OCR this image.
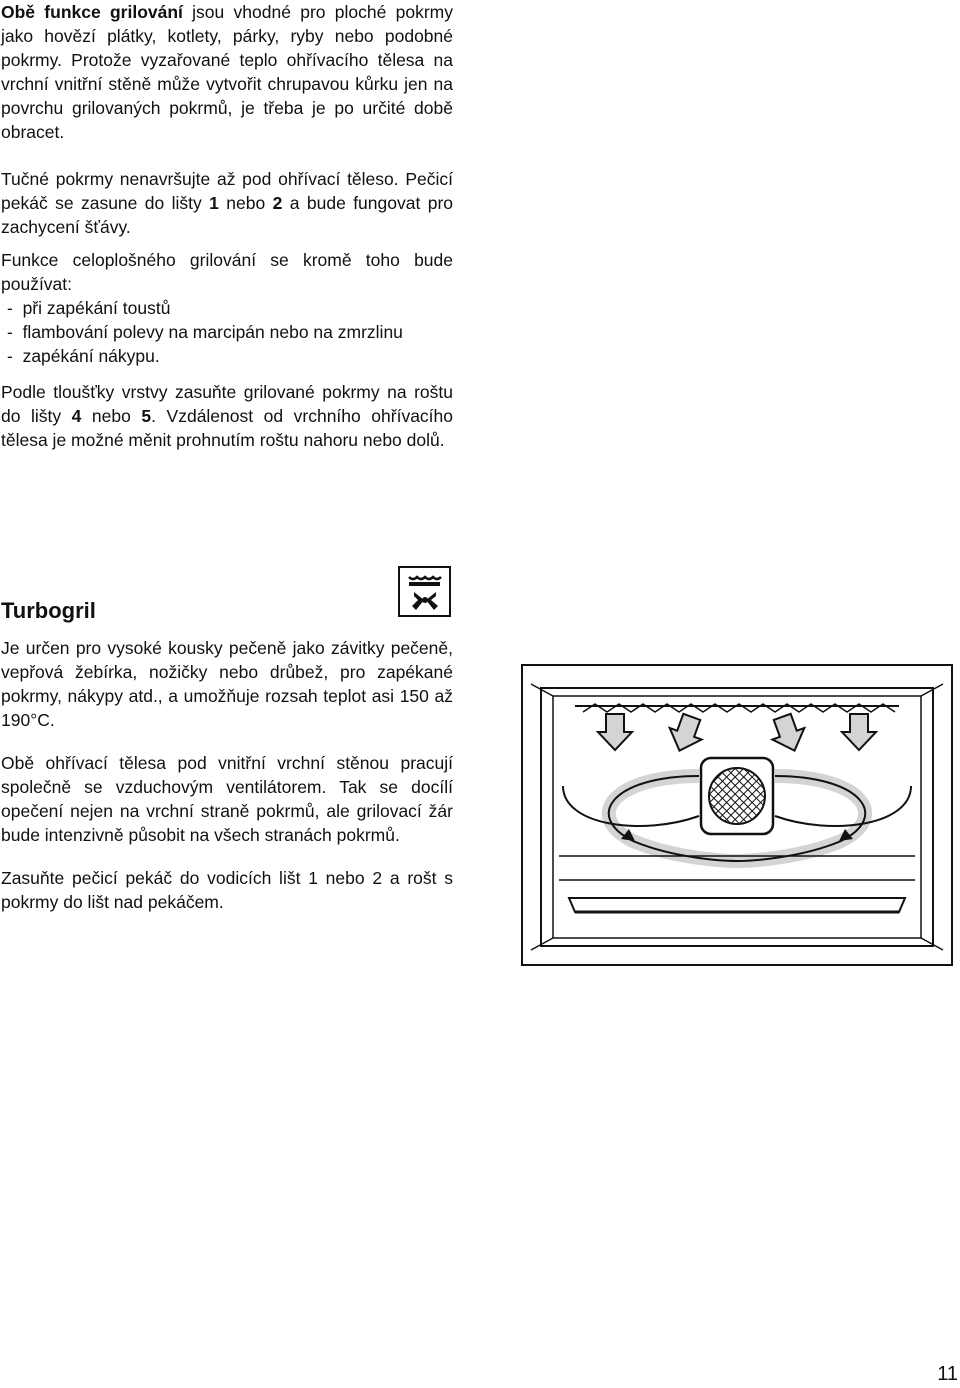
Obě funkce grilování jsou vhodné pro ploché pokrmy jako hovězí plátky, kotlety, párky, ryby nebo podobné pokrmy. Protože vyzařované teplo ohřívacího tělesa na vrchní vnitřní stěně může vytvořit chrupavou kůrku jen na povrchu grilovaných pokrmů, je třeba je po určité době obracet.

Tučné pokrmy nenavršujte až pod ohřívací těleso. Pečicí pekáč se zasune do lišty 1 nebo 2 a bude fungovat pro zachycení šťávy.

Funkce celoplošného grilování se kromě toho bude používat:

-  při zapékání toustů
-  flambování polevy na marcipán nebo na zmrzlinu
-  zapékání nákypu.

Podle tloušťky vrstvy zasuňte grilované pokrmy na roštu do lišty 4 nebo 5. Vzdálenost od vrchního ohřívacího tělesa je možné měnit prohnutím roštu nahoru nebo dolů.

Turbogril

Je určen pro vysoké kousky pečeně jako závitky pečeně, vepřová žebírka, nožičky nebo drůbež, pro zapékané pokrmy, nákypy atd., a umožňuje rozsah teplot asi 150 až 190°C.

Obě ohřívací tělesa pod vnitřní vrchní stěnou pracují společně se vzduchovým ventilátorem. Tak se docílí opečení nejen na vrchní straně pokrmů, ale grilovací žár bude intenzivně působit na všech stranách pokrmů.

Zasuňte pečicí pekáč do vodicích lišt 1 nebo 2 a rošt s pokrmy do lišt nad pekáčem.

11
